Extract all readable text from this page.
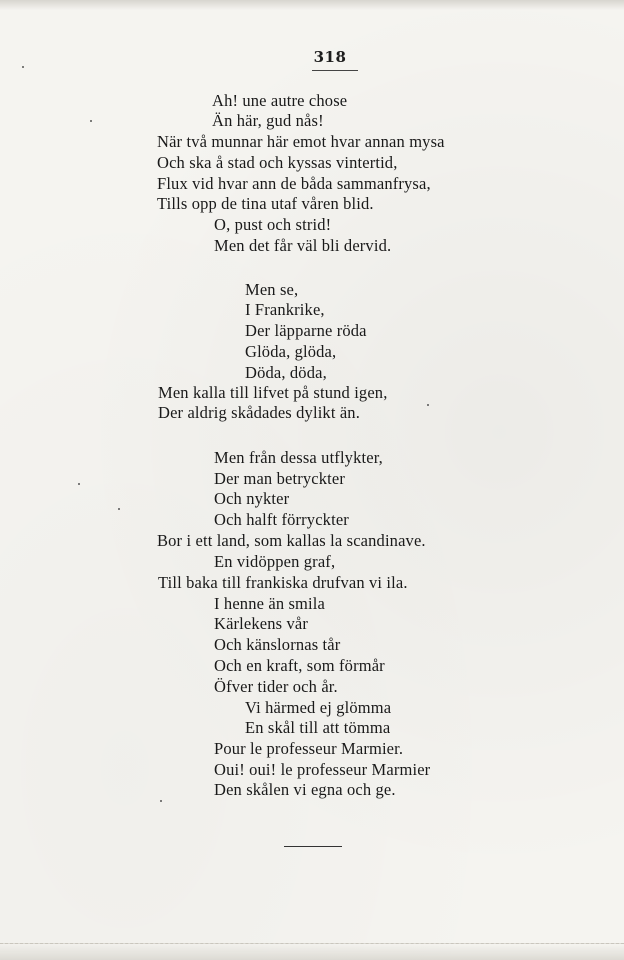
318
Ah! une autre chose
Än här, gud nås!
När två munnar här emot hvar annan mysa
Och ska å stad och kyssas vintertid,
Flux vid hvar ann de båda sammanfrysa,
Tills opp de tina utaf våren blid.
O, pust och strid!
Men det får väl bli dervid.
Men se,
I Frankrike,
Der läpparne röda
Glöda, glöda,
Döda, döda,
Men kalla till lifvet på stund igen,
Der aldrig skådades dylikt än.
Men från dessa utflykter,
Der man betryckter
Och nykter
Och halft förryckter
Bor i ett land, som kallas la scandinave.
En vidöppen graf,
Till baka till frankiska drufvan vi ila.
I henne än smila
Kärlekens vår
Och känslornas tår
Och en kraft, som förmår
Öfver tider och år.
Vi härmed ej glömma
En skål till att tömma
Pour le professeur Marmier.
Oui! oui! le professeur Marmier
Den skålen vi egna och ge.
